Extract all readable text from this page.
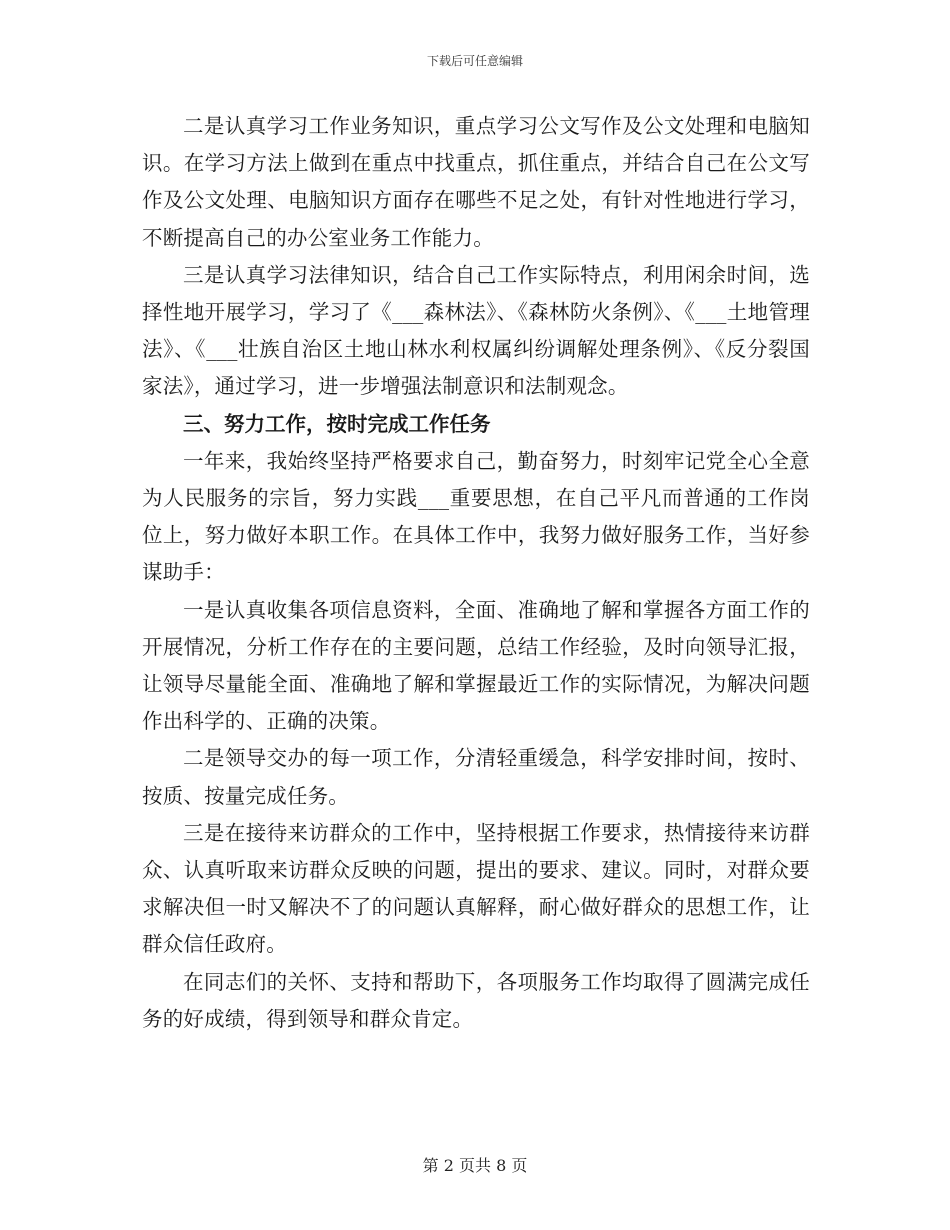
下载后可任意编辑

二是认真学习工作业务知识，重点学习公文写作及公文处理和电脑知识。在学习方法上做到在重点中找重点，抓住重点，并结合自己在公文写作及公文处理、电脑知识方面存在哪些不足之处，有针对性地进行学习，不断提高自己的办公室业务工作能力。

三是认真学习法律知识，结合自己工作实际特点，利用闲余时间，选择性地开展学习，学习了《___森林法》、《森林防火条例》、《___土地管理法》、《___壮族自治区土地山林水利权属纠纷调解处理条例》、《反分裂国家法》，通过学习，进一步增强法制意识和法制观念。

三、努力工作，按时完成工作任务

一年来，我始终坚持严格要求自己，勤奋努力，时刻牢记党全心全意为人民服务的宗旨，努力实践___重要思想，在自己平凡而普通的工作岗位上，努力做好本职工作。在具体工作中，我努力做好服务工作，当好参谋助手：

一是认真收集各项信息资料，全面、准确地了解和掌握各方面工作的开展情况，分析工作存在的主要问题，总结工作经验，及时向领导汇报，让领导尽量能全面、准确地了解和掌握最近工作的实际情况，为解决问题作出科学的、正确的决策。

二是领导交办的每一项工作，分清轻重缓急，科学安排时间，按时、按质、按量完成任务。

三是在接待来访群众的工作中，坚持根据工作要求，热情接待来访群众、认真听取来访群众反映的问题，提出的要求、建议。同时，对群众要求解决但一时又解决不了的问题认真解释，耐心做好群众的思想工作，让群众信任政府。

在同志们的关怀、支持和帮助下，各项服务工作均取得了圆满完成任务的好成绩，得到领导和群众肯定。

第 2 页共 8 页
